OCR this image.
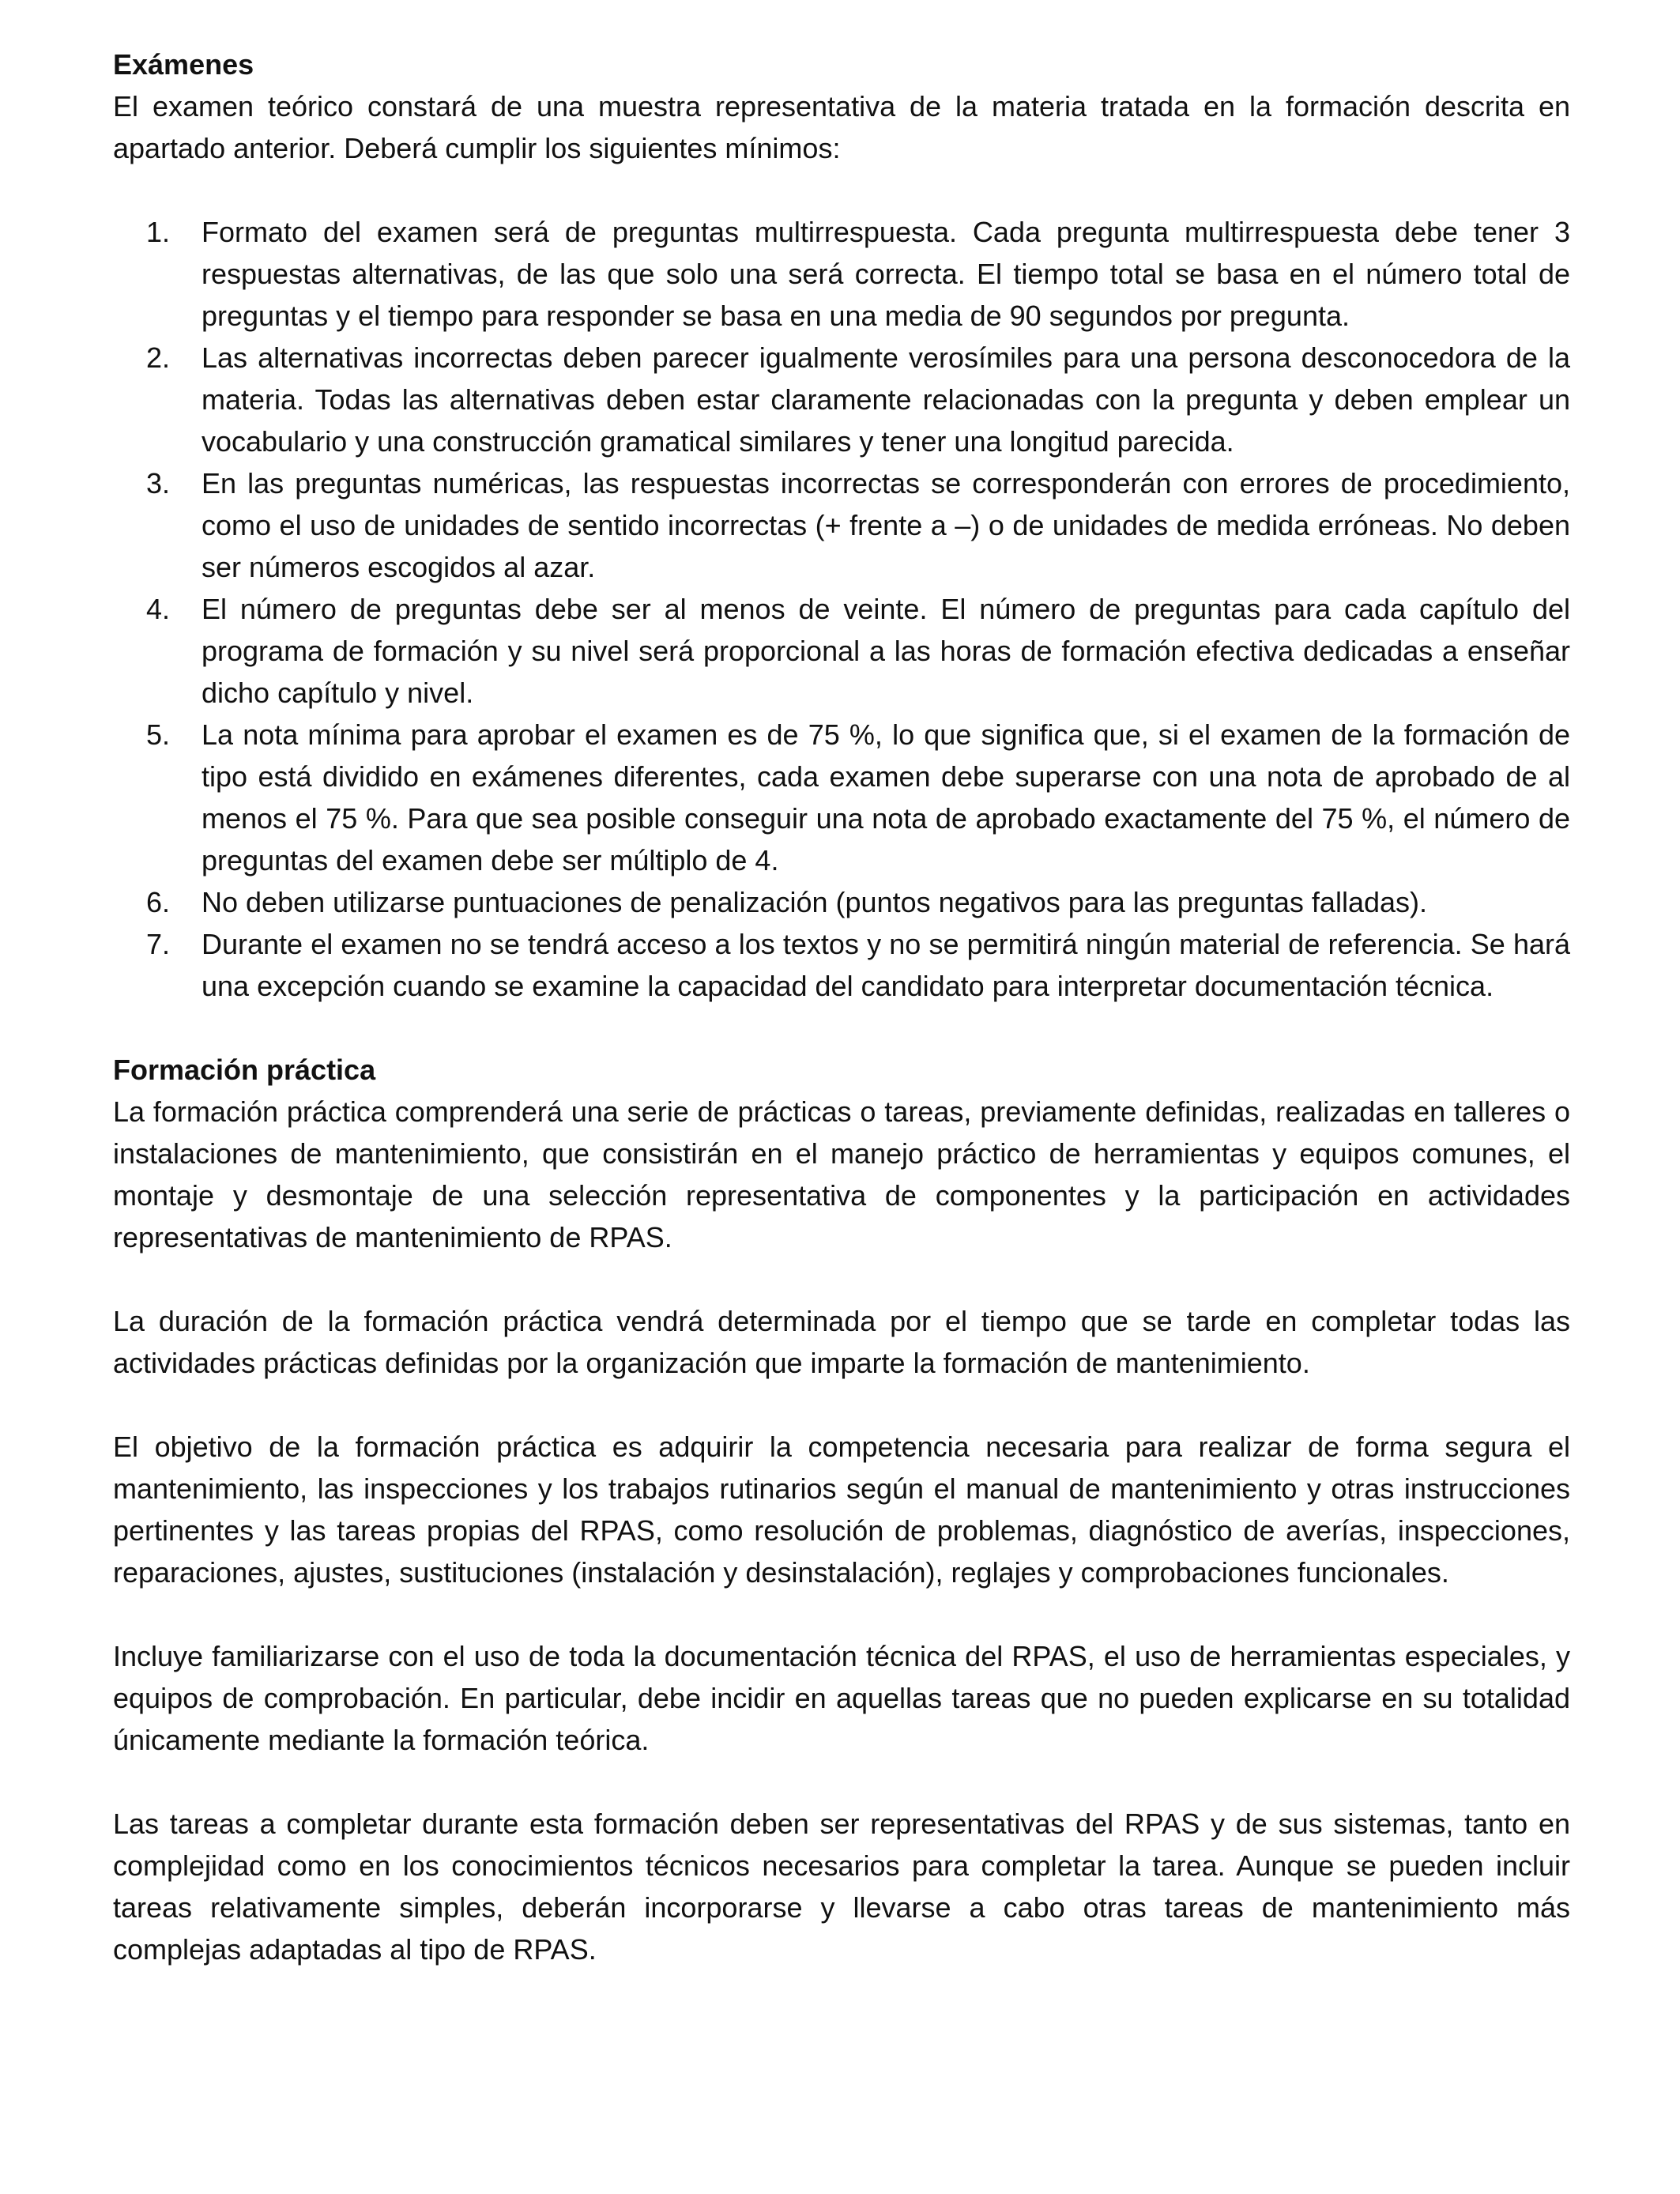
Exámenes

El examen teórico constará de una muestra representativa de la materia tratada en la formación descrita en apartado anterior. Deberá cumplir los siguientes mínimos:

1. Formato del examen será de preguntas multirrespuesta. Cada pregunta multirrespuesta debe tener 3 respuestas alternativas, de las que solo una será correcta. El tiempo total se basa en el número total de preguntas y el tiempo para responder se basa en una media de 90 segundos por pregunta.
2. Las alternativas incorrectas deben parecer igualmente verosímiles para una persona desconocedora de la materia. Todas las alternativas deben estar claramente relacionadas con la pregunta y deben emplear un vocabulario y una construcción gramatical similares y tener una longitud parecida.
3. En las preguntas numéricas, las respuestas incorrectas se corresponderán con errores de procedimiento, como el uso de unidades de sentido incorrectas (+ frente a –) o de unidades de medida erróneas. No deben ser números escogidos al azar.
4. El número de preguntas debe ser al menos de veinte. El número de preguntas para cada capítulo del programa de formación y su nivel será proporcional a las horas de formación efectiva dedicadas a enseñar dicho capítulo y nivel.
5. La nota mínima para aprobar el examen es de 75 %, lo que significa que, si el examen de la formación de tipo está dividido en exámenes diferentes, cada examen debe superarse con una nota de aprobado de al menos el 75 %. Para que sea posible conseguir una nota de aprobado exactamente del 75 %, el número de preguntas del examen debe ser múltiplo de 4.
6. No deben utilizarse puntuaciones de penalización (puntos negativos para las preguntas falladas).
7. Durante el examen no se tendrá acceso a los textos y no se permitirá ningún material de referencia. Se hará una excepción cuando se examine la capacidad del candidato para interpretar documentación técnica.
Formación práctica

La formación práctica comprenderá una serie de prácticas o tareas, previamente definidas, realizadas en talleres o instalaciones de mantenimiento, que consistirán en el manejo práctico de herramientas y equipos comunes, el montaje y desmontaje de una selección representativa de componentes y la participación en actividades representativas de mantenimiento de RPAS.

La duración de la formación práctica vendrá determinada por el tiempo que se tarde en completar todas las actividades prácticas definidas por la organización que imparte la formación de mantenimiento.

El objetivo de la formación práctica es adquirir la competencia necesaria para realizar de forma segura el mantenimiento, las inspecciones y los trabajos rutinarios según el manual de mantenimiento y otras instrucciones pertinentes y las tareas propias del RPAS, como resolución de problemas, diagnóstico de averías, inspecciones, reparaciones, ajustes, sustituciones (instalación y desinstalación), reglajes y comprobaciones funcionales.

Incluye familiarizarse con el uso de toda la documentación técnica del RPAS, el uso de herramientas especiales, y equipos de comprobación. En particular, debe incidir en aquellas tareas que no pueden explicarse en su totalidad únicamente mediante la formación teórica.

Las tareas a completar durante esta formación deben ser representativas del RPAS y de sus sistemas, tanto en complejidad como en los conocimientos técnicos necesarios para completar la tarea. Aunque se pueden incluir tareas relativamente simples, deberán incorporarse y llevarse a cabo otras tareas de mantenimiento más complejas adaptadas al tipo de RPAS.
